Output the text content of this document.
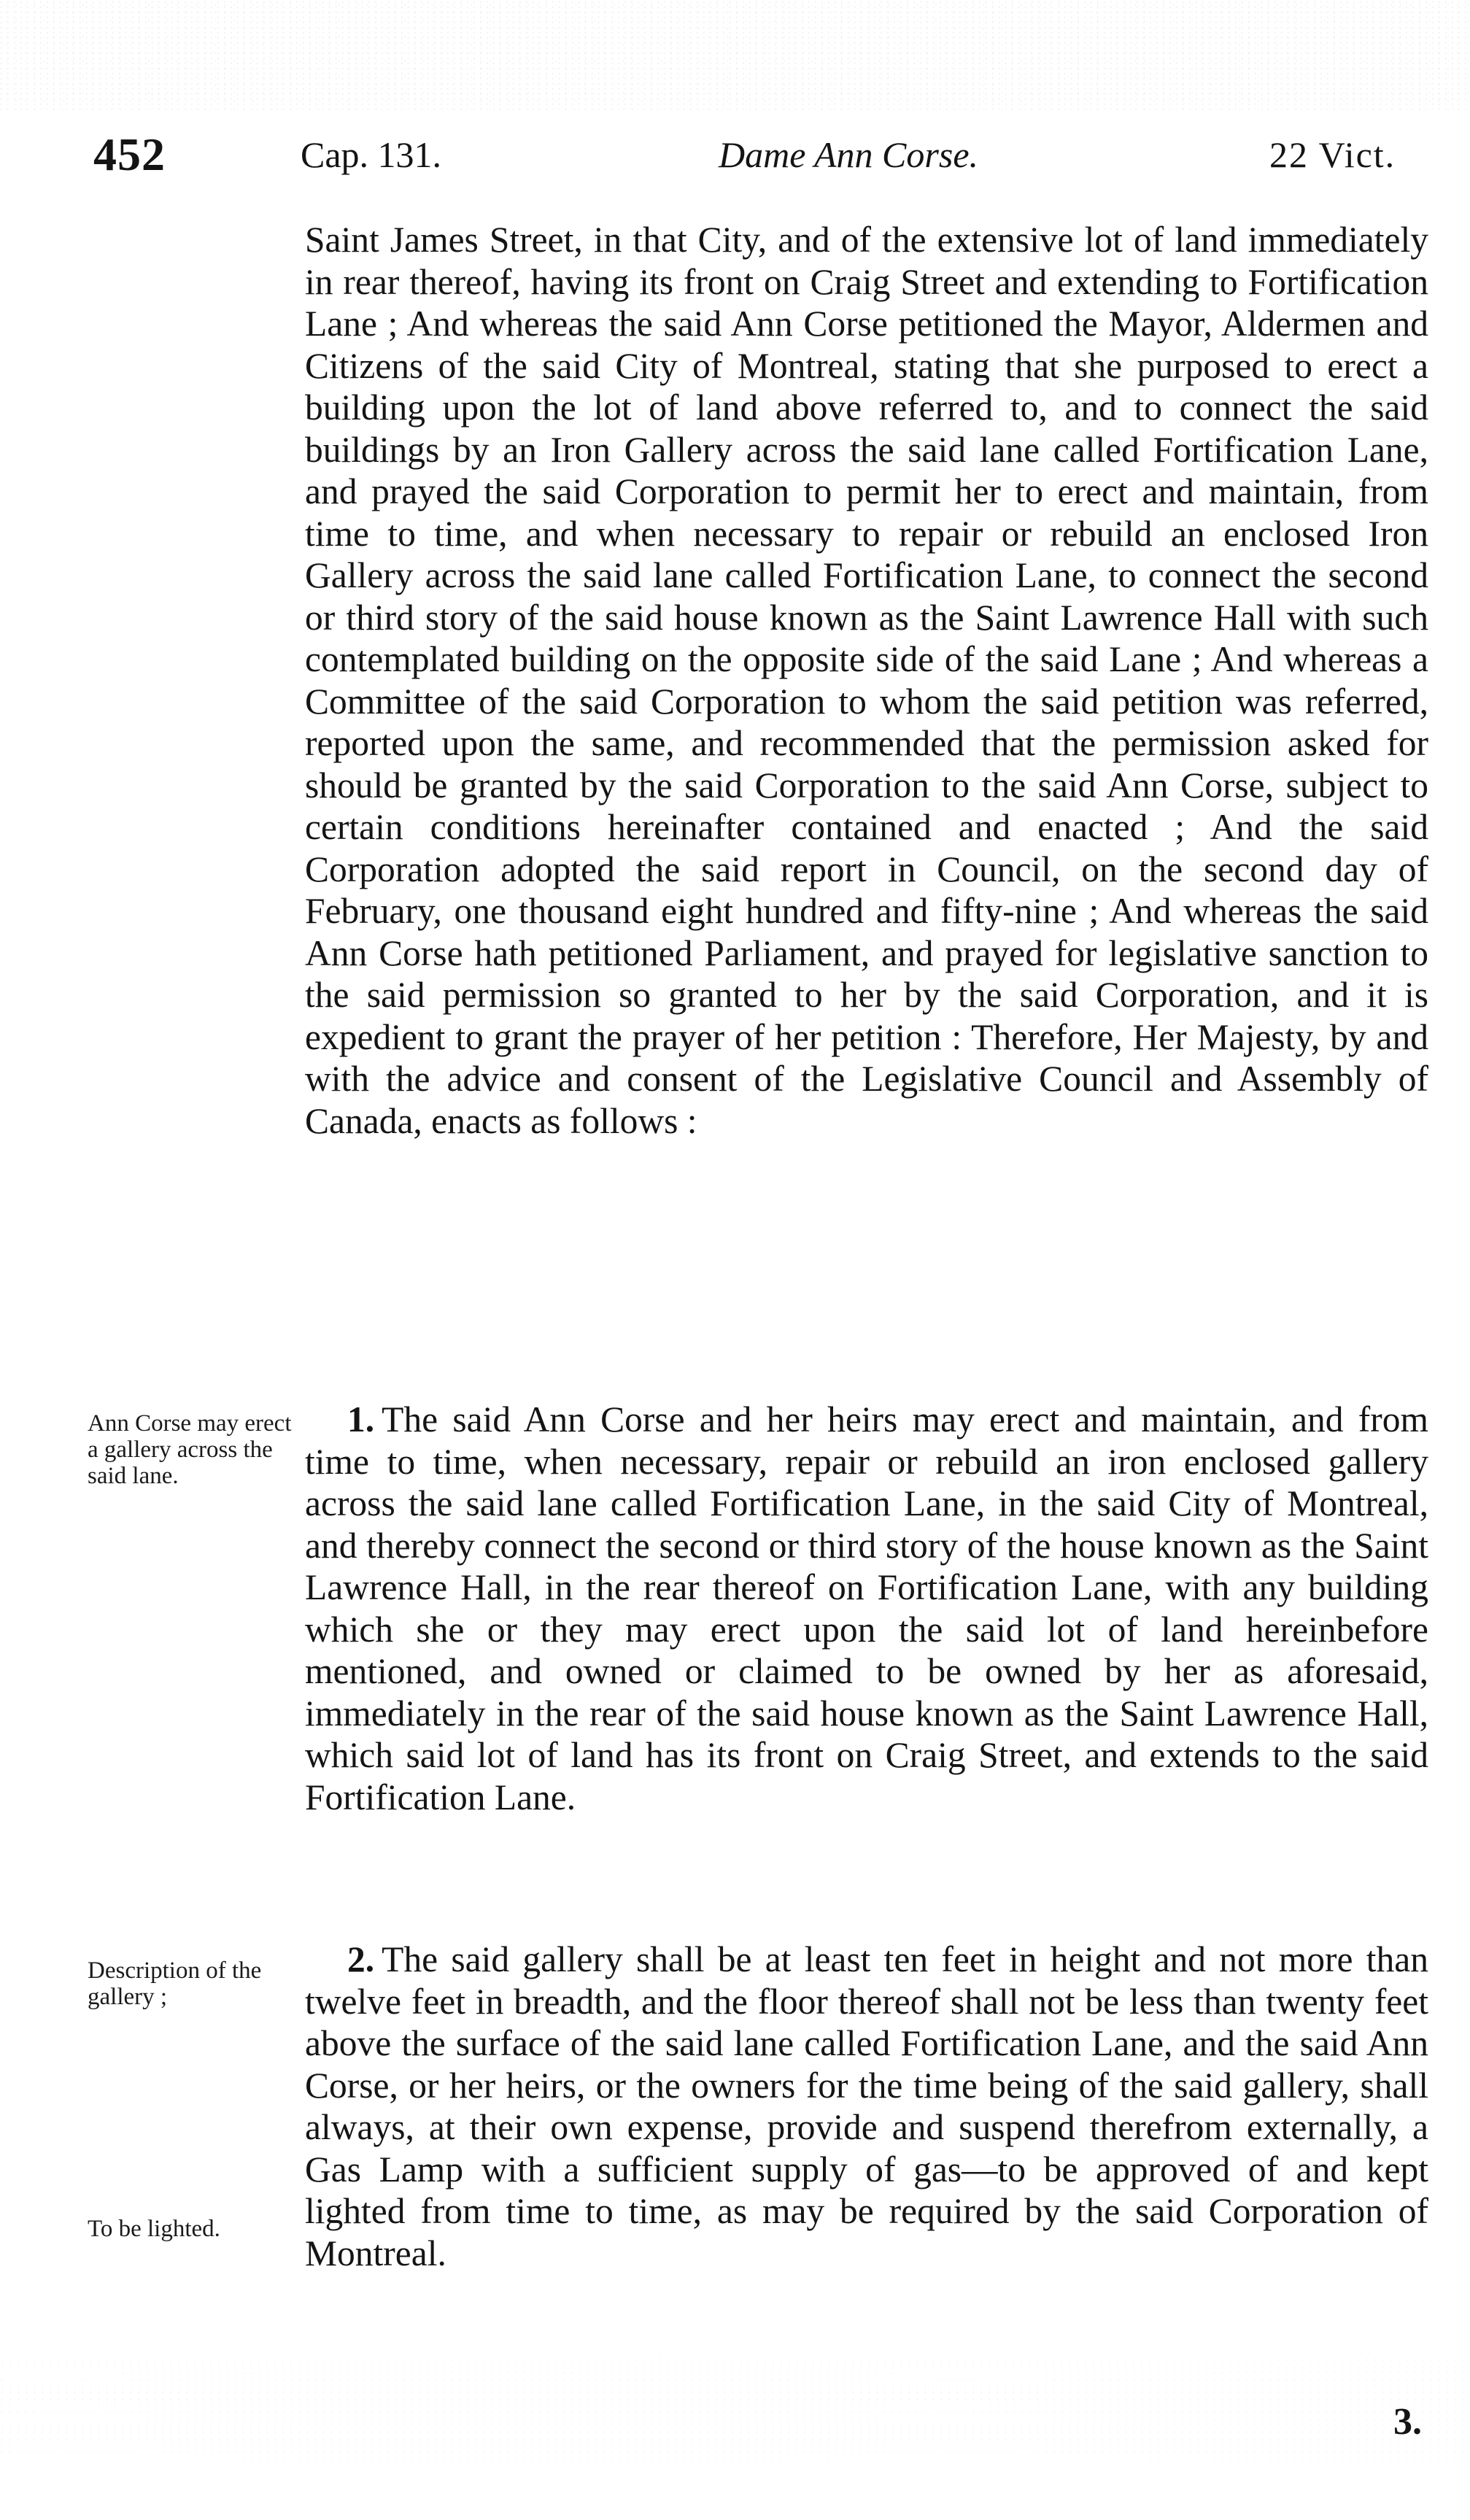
452	Cap. 131.	Dame Ann Corse.	22 Vict.
Saint James Street, in that City, and of the extensive lot of land immediately in rear thereof, having its front on Craig Street and extending to Fortification Lane ; And whereas the said Ann Corse petitioned the Mayor, Aldermen and Citizens of the said City of Montreal, stating that she purposed to erect a building upon the lot of land above referred to, and to connect the said buildings by an Iron Gallery across the said lane called Fortification Lane, and prayed the said Corporation to permit her to erect and maintain, from time to time, and when necessary to repair or rebuild an enclosed Iron Gallery across the said lane called Fortification Lane, to connect the second or third story of the said house known as the Saint Lawrence Hall with such contemplated building on the opposite side of the said Lane ; And whereas a Committee of the said Corporation to whom the said petition was referred, reported upon the same, and recommended that the permission asked for should be granted by the said Corporation to the said Ann Corse, subject to certain conditions hereinafter contained and enacted ; And the said Corporation adopted the said report in Council, on the second day of February, one thousand eight hundred and fifty-nine ; And whereas the said Ann Corse hath petitioned Parliament, and prayed for legislative sanction to the said permission so granted to her by the said Corporation, and it is expedient to grant the prayer of her petition : Therefore, Her Majesty, by and with the advice and consent of the Legislative Council and Assembly of Canada, enacts as follows :
Ann Corse may erect a gallery across the said lane.
1. The said Ann Corse and her heirs may erect and maintain, and from time to time, when necessary, repair or rebuild an iron enclosed gallery across the said lane called Fortification Lane, in the said City of Montreal, and thereby connect the second or third story of the house known as the Saint Lawrence Hall, in the rear thereof on Fortification Lane, with any building which she or they may erect upon the said lot of land hereinbefore mentioned, and owned or claimed to be owned by her as aforesaid, immediately in the rear of the said house known as the Saint Lawrence Hall, which said lot of land has its front on Craig Street, and extends to the said Fortification Lane.
Description of the gallery ;
To be lighted.
2. The said gallery shall be at least ten feet in height and not more than twelve feet in breadth, and the floor thereof shall not be less than twenty feet above the surface of the said lane called Fortification Lane, and the said Ann Corse, or her heirs, or the owners for the time being of the said gallery, shall always, at their own expense, provide and suspend therefrom externally, a Gas Lamp with a sufficient supply of gas—to be approved of and kept lighted from time to time, as may be required by the said Corporation of Montreal.
3.
